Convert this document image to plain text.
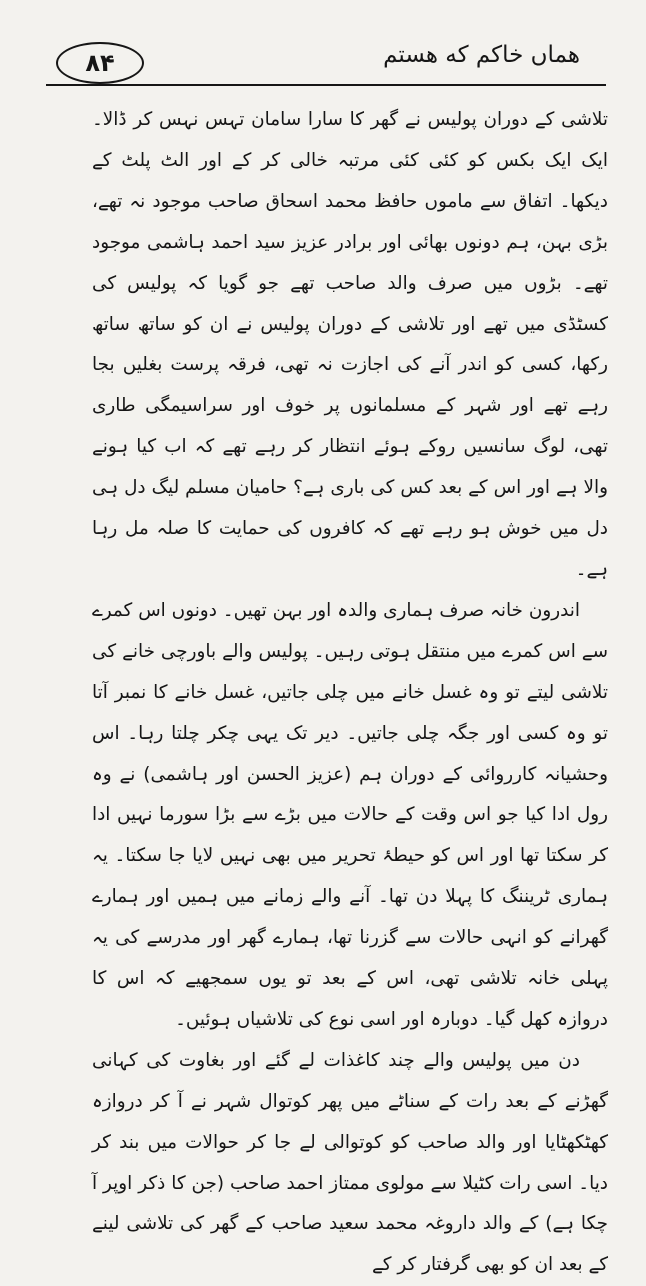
۸۴	هماں خاکم که هستم

تلاشی کے دوران پولیس نے گھر کا سارا سامان تہس نہس کر ڈالا۔ ایک ایک بکس کو کئی کئی مرتبہ خالی کر کے اور الٹ پلٹ کے دیکھا۔ اتفاق سے ماموں حافظ محمد اسحاق صاحب موجود نہ تھے، بڑی بہن، ہم دونوں بھائی اور برادر عزیز سید احمد ہاشمی موجود تھے۔ بڑوں میں صرف والد صاحب تھے جو گویا کہ پولیس کی کسٹڈی میں تھے اور تلاشی کے دوران پولیس نے ان کو ساتھ ساتھ رکھا، کسی کو اندر آنے کی اجازت نہ تھی، فرقہ پرست بغلیں بجا رہے تھے اور شہر کے مسلمانوں پر خوف اور سراسیمگی طاری تھی، لوگ سانسیں روکے ہوئے انتظار کر رہے تھے کہ اب کیا ہونے والا ہے اور اس کے بعد کس کی باری ہے؟ حامیان مسلم لیگ دل ہی دل میں خوش ہو رہے تھے کہ کافروں کی حمایت کا صلہ مل رہا ہے۔

اندرون خانہ صرف ہماری والدہ اور بہن تھیں۔ دونوں اس کمرے سے اس کمرے میں منتقل ہوتی رہیں۔ پولیس والے باورچی خانے کی تلاشی لیتے تو وہ غسل خانے میں چلی جاتیں، غسل خانے کا نمبر آتا تو وہ کسی اور جگہ چلی جاتیں۔ دیر تک یہی چکر چلتا رہا۔ اس وحشیانہ کارروائی کے دوران ہم (عزیز الحسن اور ہاشمی) نے وہ رول ادا کیا جو اس وقت کے حالات میں بڑے سے بڑا سورما نہیں ادا کر سکتا تھا اور اس کو حیطۂ تحریر میں بھی نہیں لایا جا سکتا۔ یہ ہماری ٹریننگ کا پہلا دن تھا۔ آنے والے زمانے میں ہمیں اور ہمارے گھرانے کو انہی حالات سے گزرنا تھا، ہمارے گھر اور مدرسے کی یہ پہلی خانہ تلاشی تھی، اس کے بعد تو یوں سمجھیے کہ اس کا دروازہ کھل گیا۔ دوبارہ اور اسی نوع کی تلاشیاں ہوئیں۔

دن میں پولیس والے چند کاغذات لے گئے اور بغاوت کی کہانی گھڑنے کے بعد رات کے سناٹے میں پھر کوتوال شہر نے آ کر دروازہ کھٹکھٹایا اور والد صاحب کو کوتوالی لے جا کر حوالات میں بند کر دیا۔ اسی رات کٹیلا سے مولوی ممتاز احمد صاحب (جن کا ذکر اوپر آ چکا ہے) کے والد داروغہ محمد سعید صاحب کے گھر کی تلاشی لینے کے بعد ان کو بھی گرفتار کر کے
